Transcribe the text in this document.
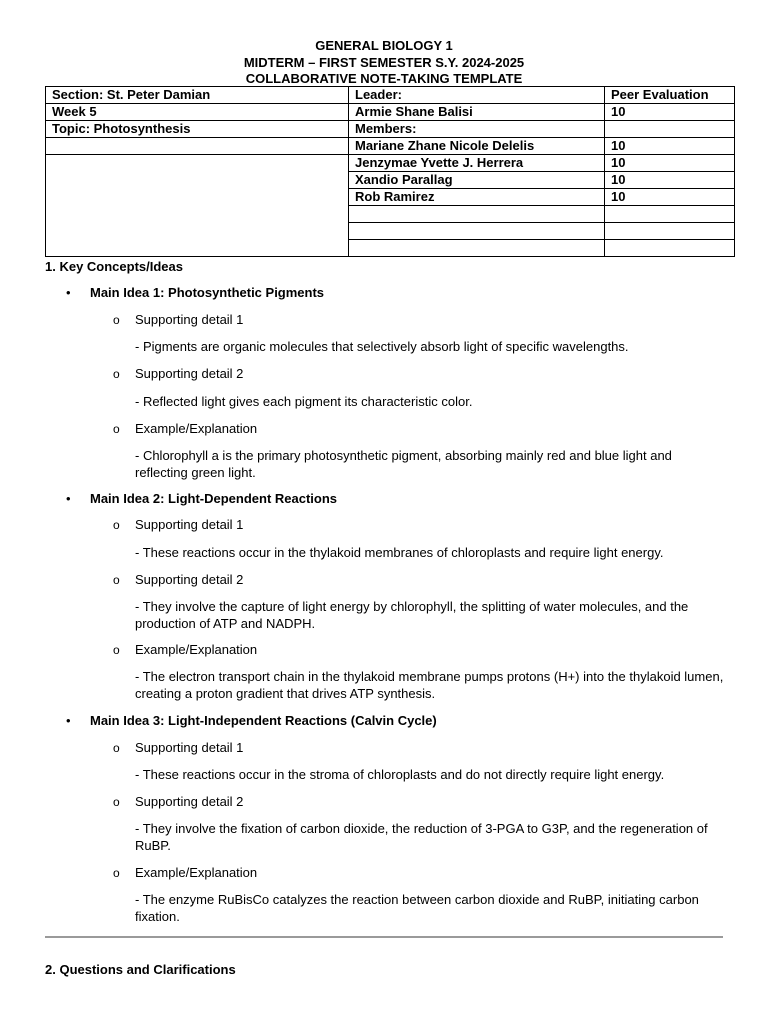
GENERAL BIOLOGY 1
MIDTERM – FIRST SEMESTER S.Y. 2024-2025
COLLABORATIVE NOTE-TAKING TEMPLATE
Section: St. Peter Damian	Leader:	Peer Evaluation
Week 5	Armie Shane Balisi	10
Topic: Photosynthesis	Members:	
	Mariane Zhane Nicole Delelis	10
	Jenzymae Yvette J. Herrera	10
	Xandio Parallag	10
	Rob Ramirez	10

1. Key Concepts/Ideas
• Main Idea 1: Photosynthetic Pigments
o Supporting detail 1
- Pigments are organic molecules that selectively absorb light of specific wavelengths.
o Supporting detail 2
- Reflected light gives each pigment its characteristic color.
o Example/Explanation
- Chlorophyll a is the primary photosynthetic pigment, absorbing mainly red and blue light and reflecting green light.
• Main Idea 2: Light-Dependent Reactions
o Supporting detail 1
- These reactions occur in the thylakoid membranes of chloroplasts and require light energy.
o Supporting detail 2
- They involve the capture of light energy by chlorophyll, the splitting of water molecules, and the production of ATP and NADPH.
o Example/Explanation
- The electron transport chain in the thylakoid membrane pumps protons (H+) into the thylakoid lumen, creating a proton gradient that drives ATP synthesis.
• Main Idea 3: Light-Independent Reactions (Calvin Cycle)
o Supporting detail 1
- These reactions occur in the stroma of chloroplasts and do not directly require light energy.
o Supporting detail 2
- They involve the fixation of carbon dioxide, the reduction of 3-PGA to G3P, and the regeneration of RuBP.
o Example/Explanation
- The enzyme RuBisCo catalyzes the reaction between carbon dioxide and RuBP, initiating carbon fixation.
2. Questions and Clarifications
